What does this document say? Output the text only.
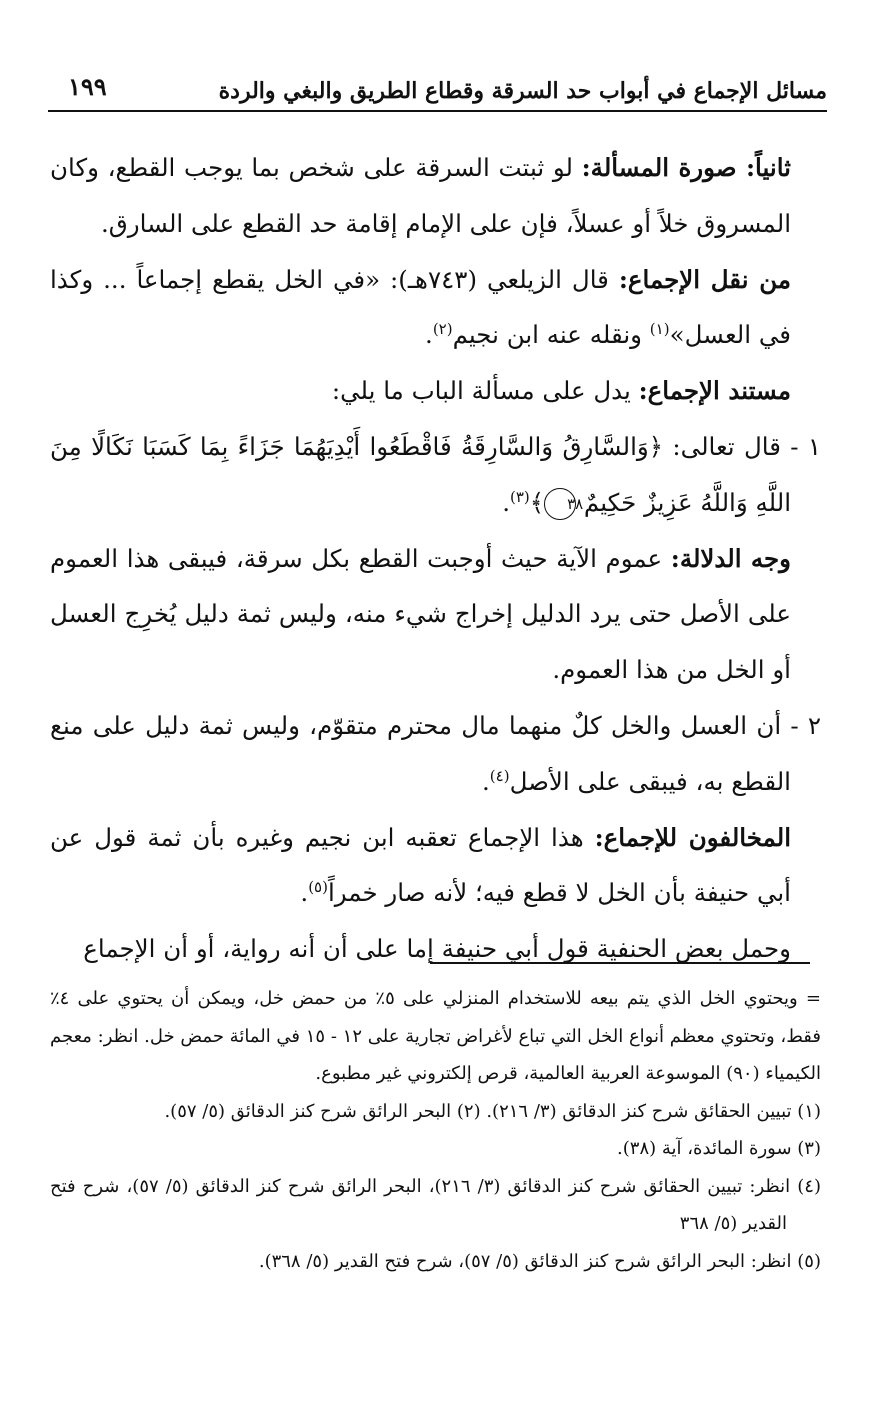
مسائل الإجماع في أبواب حد السرقة وقطاع الطريق والبغي والردة
١٩٩

ثانياً: صورة المسألة: لو ثبتت السرقة على شخص بما يوجب القطع، وكان المسروق خلاً أو عسلاً، فإن على الإمام إقامة حد القطع على السارق.

من نقل الإجماع: قال الزيلعي (٧٤٣هـ): «في الخل يقطع إجماعاً ... وكذا في العسل»$^{(١)}$ ونقله عنه ابن نجيم$^{(٢)}$.

مستند الإجماع: يدل على مسألة الباب ما يلي:

١ - قال تعالى: ﴿وَالسَّارِقُ وَالسَّارِقَةُ فَاقْطَعُوا أَيْدِيَهُمَا جَزَاءً بِمَا كَسَبَا نَكَالًا مِنَ اللَّهِ وَاللَّهُ عَزِيزٌ حَكِيمٌ ٣٨﴾$^{(٣)}$.

وجه الدلالة: عموم الآية حيث أوجبت القطع بكل سرقة، فيبقى هذا العموم على الأصل حتى يرد الدليل إخراج شيء منه، وليس ثمة دليل يُخرِج العسل أو الخل من هذا العموم.

٢ - أن العسل والخل كلٌ منهما مال محترم متقوّم، وليس ثمة دليل على منع القطع به، فيبقى على الأصل$^{(٤)}$.

المخالفون للإجماع: هذا الإجماع تعقبه ابن نجيم وغيره بأن ثمة قول عن أبي حنيفة بأن الخل لا قطع فيه؛ لأنه صار خمراً$^{(٥)}$.

وحمل بعض الحنفية قول أبي حنيفة إما على أن أنه رواية، أو أن الإجماع

= ويحتوي الخل الذي يتم بيعه للاستخدام المنزلي على ٥٪ من حمض خل، ويمكن أن يحتوي على ٤٪ فقط، وتحتوي معظم أنواع الخل التي تباع لأغراض تجارية على ١٢ - ١٥ في المائة حمض خل. انظر: معجم الكيمياء (٩٠) الموسوعة العربية العالمية، قرص إلكتروني غير مطبوع.

(١) تبيين الحقائق شرح كنز الدقائق (٣/ ٢١٦). (٢) البحر الرائق شرح كنز الدقائق (٥/ ٥٧).

(٣) سورة المائدة، آية (٣٨).

(٤) انظر: تبيين الحقائق شرح كنز الدقائق (٣/ ٢١٦)، البحر الرائق شرح كنز الدقائق (٥/ ٥٧)، شرح فتح القدير (٥/ ٣٦٨

(٥) انظر: البحر الرائق شرح كنز الدقائق (٥/ ٥٧)، شرح فتح القدير (٥/ ٣٦٨).
